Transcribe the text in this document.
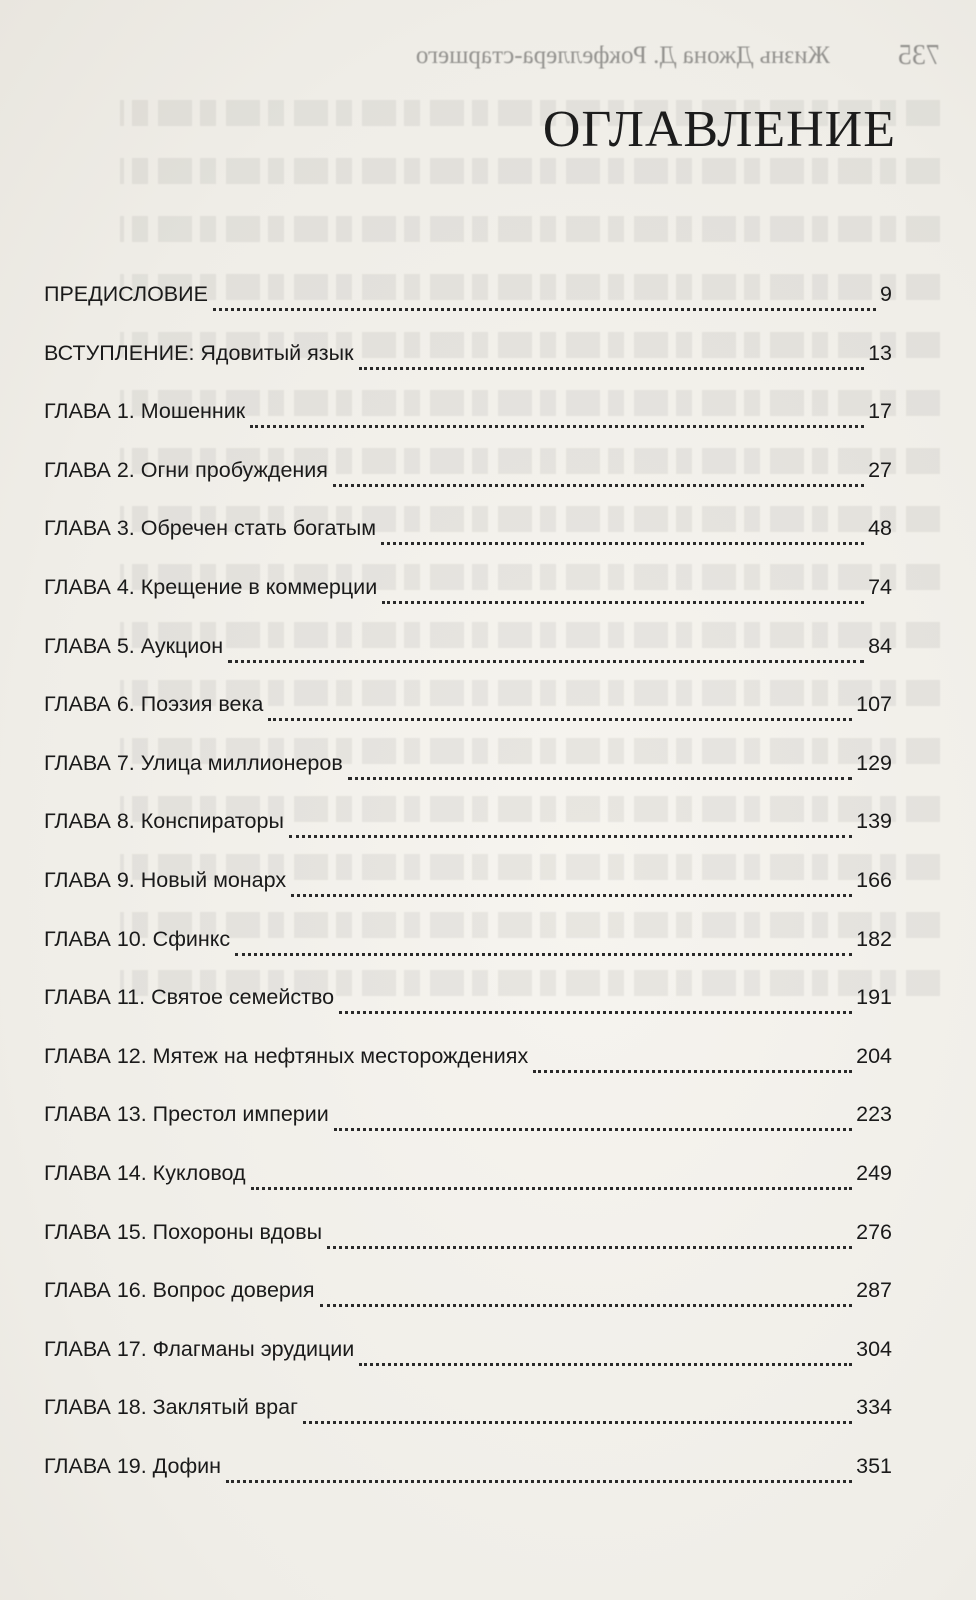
735
Жизнь Джона Д. Рокфеллера-старшего
ОГЛАВЛЕНИЕ
ПРЕДИСЛОВИЕ	9
ВСТУПЛЕНИЕ: Ядовитый язык	13
ГЛАВА 1. Мошенник	17
ГЛАВА 2. Огни пробуждения	27
ГЛАВА 3. Обречен стать богатым	48
ГЛАВА 4. Крещение в коммерции	74
ГЛАВА 5. Аукцион	84
ГЛАВА 6. Поэзия века	107
ГЛАВА 7. Улица миллионеров	129
ГЛАВА 8. Конспираторы	139
ГЛАВА 9. Новый монарх	166
ГЛАВА 10. Сфинкс	182
ГЛАВА 11. Святое семейство	191
ГЛАВА 12. Мятеж на нефтяных месторождениях	204
ГЛАВА 13. Престол империи	223
ГЛАВА 14. Кукловод	249
ГЛАВА 15. Похороны вдовы	276
ГЛАВА 16. Вопрос доверия	287
ГЛАВА 17. Флагманы эрудиции	304
ГЛАВА 18. Заклятый враг	334
ГЛАВА 19. Дофин	351
